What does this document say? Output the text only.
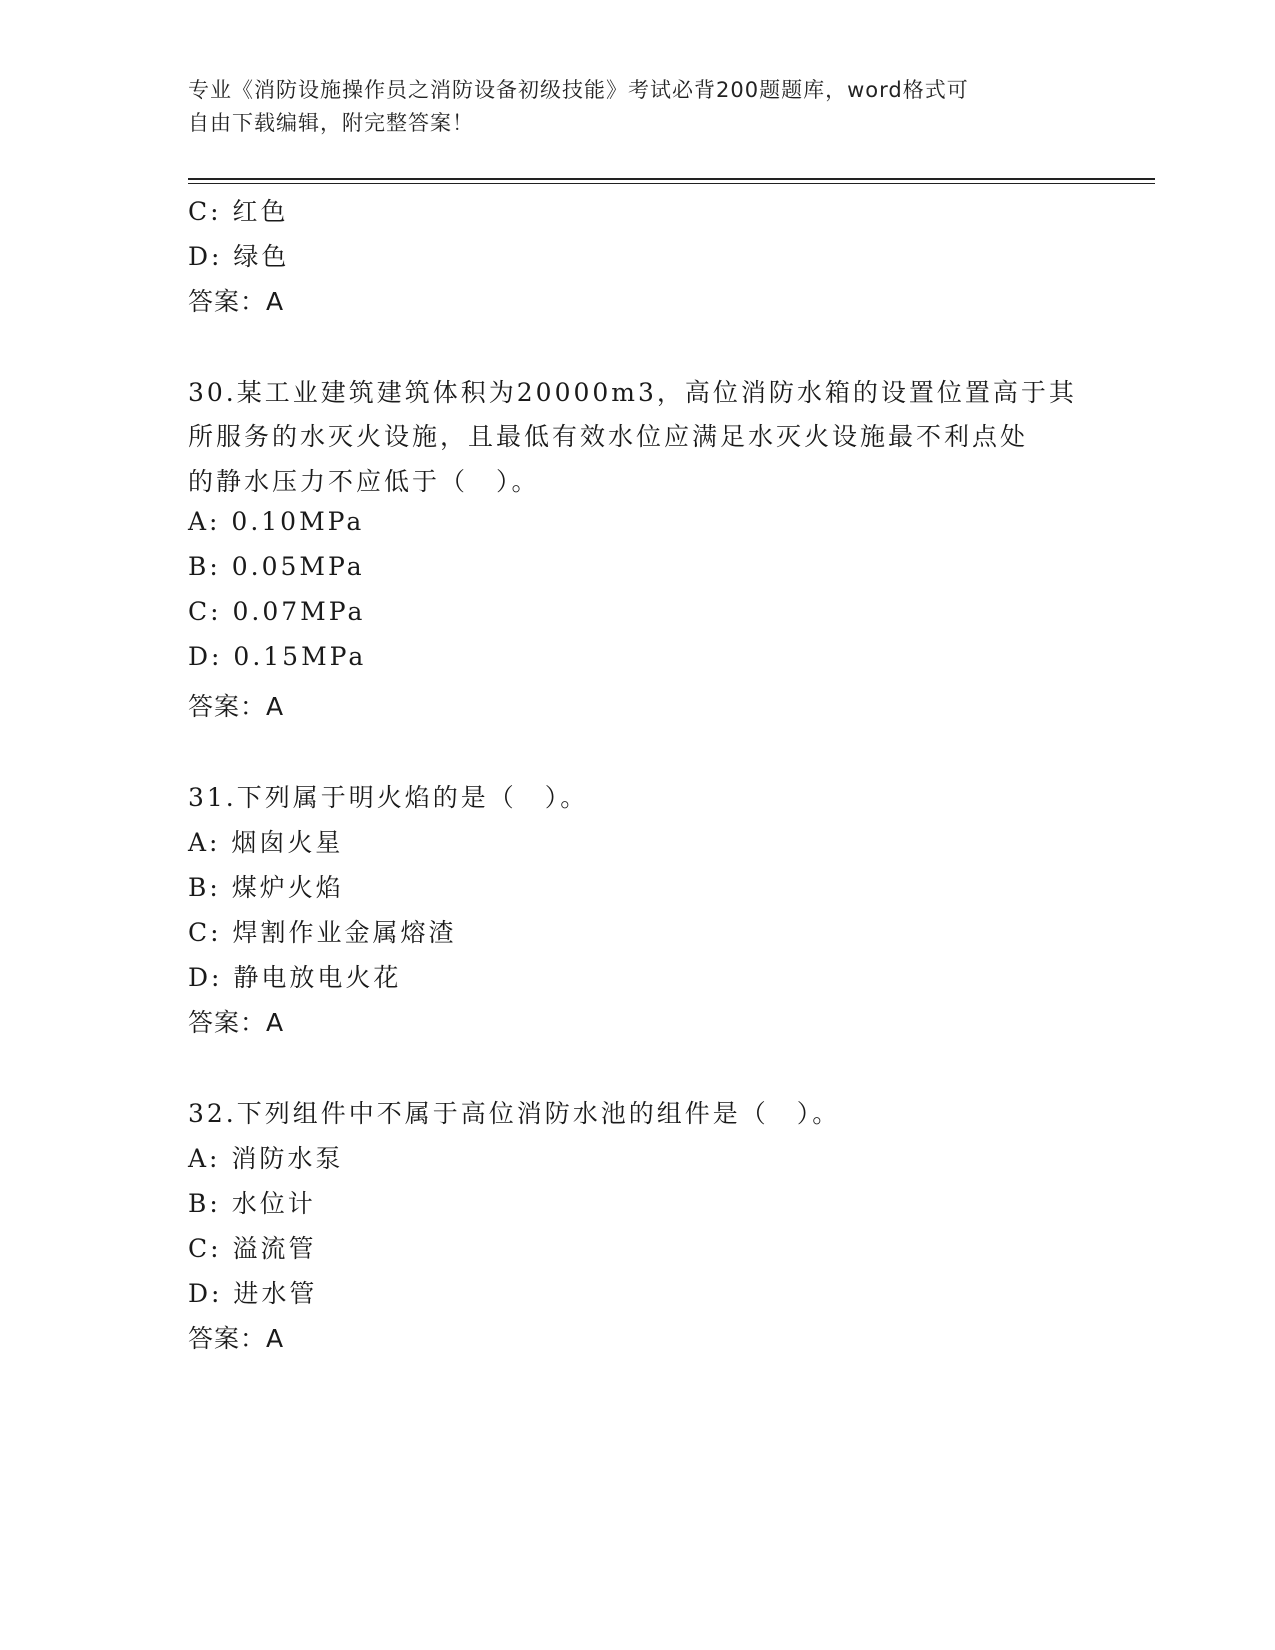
专业《消防设施操作员之消防设备初级技能》考试必背200题题库，word格式可
自由下载编辑，附完整答案！
C: 红色
D: 绿色
答案：A
30.某工业建筑建筑体积为20000m3，高位消防水箱的设置位置高于其
所服务的水灭火设施，且最低有效水位应满足水灭火设施最不利点处
的静水压力不应低于（　）。
A: 0.10MPa
B: 0.05MPa
C: 0.07MPa
D: 0.15MPa
答案：A
31.下列属于明火焰的是（　）。
A: 烟囱火星
B: 煤炉火焰
C: 焊割作业金属熔渣
D: 静电放电火花
答案：A
32.下列组件中不属于高位消防水池的组件是（　）。
A: 消防水泵
B: 水位计
C: 溢流管
D: 进水管
答案：A
